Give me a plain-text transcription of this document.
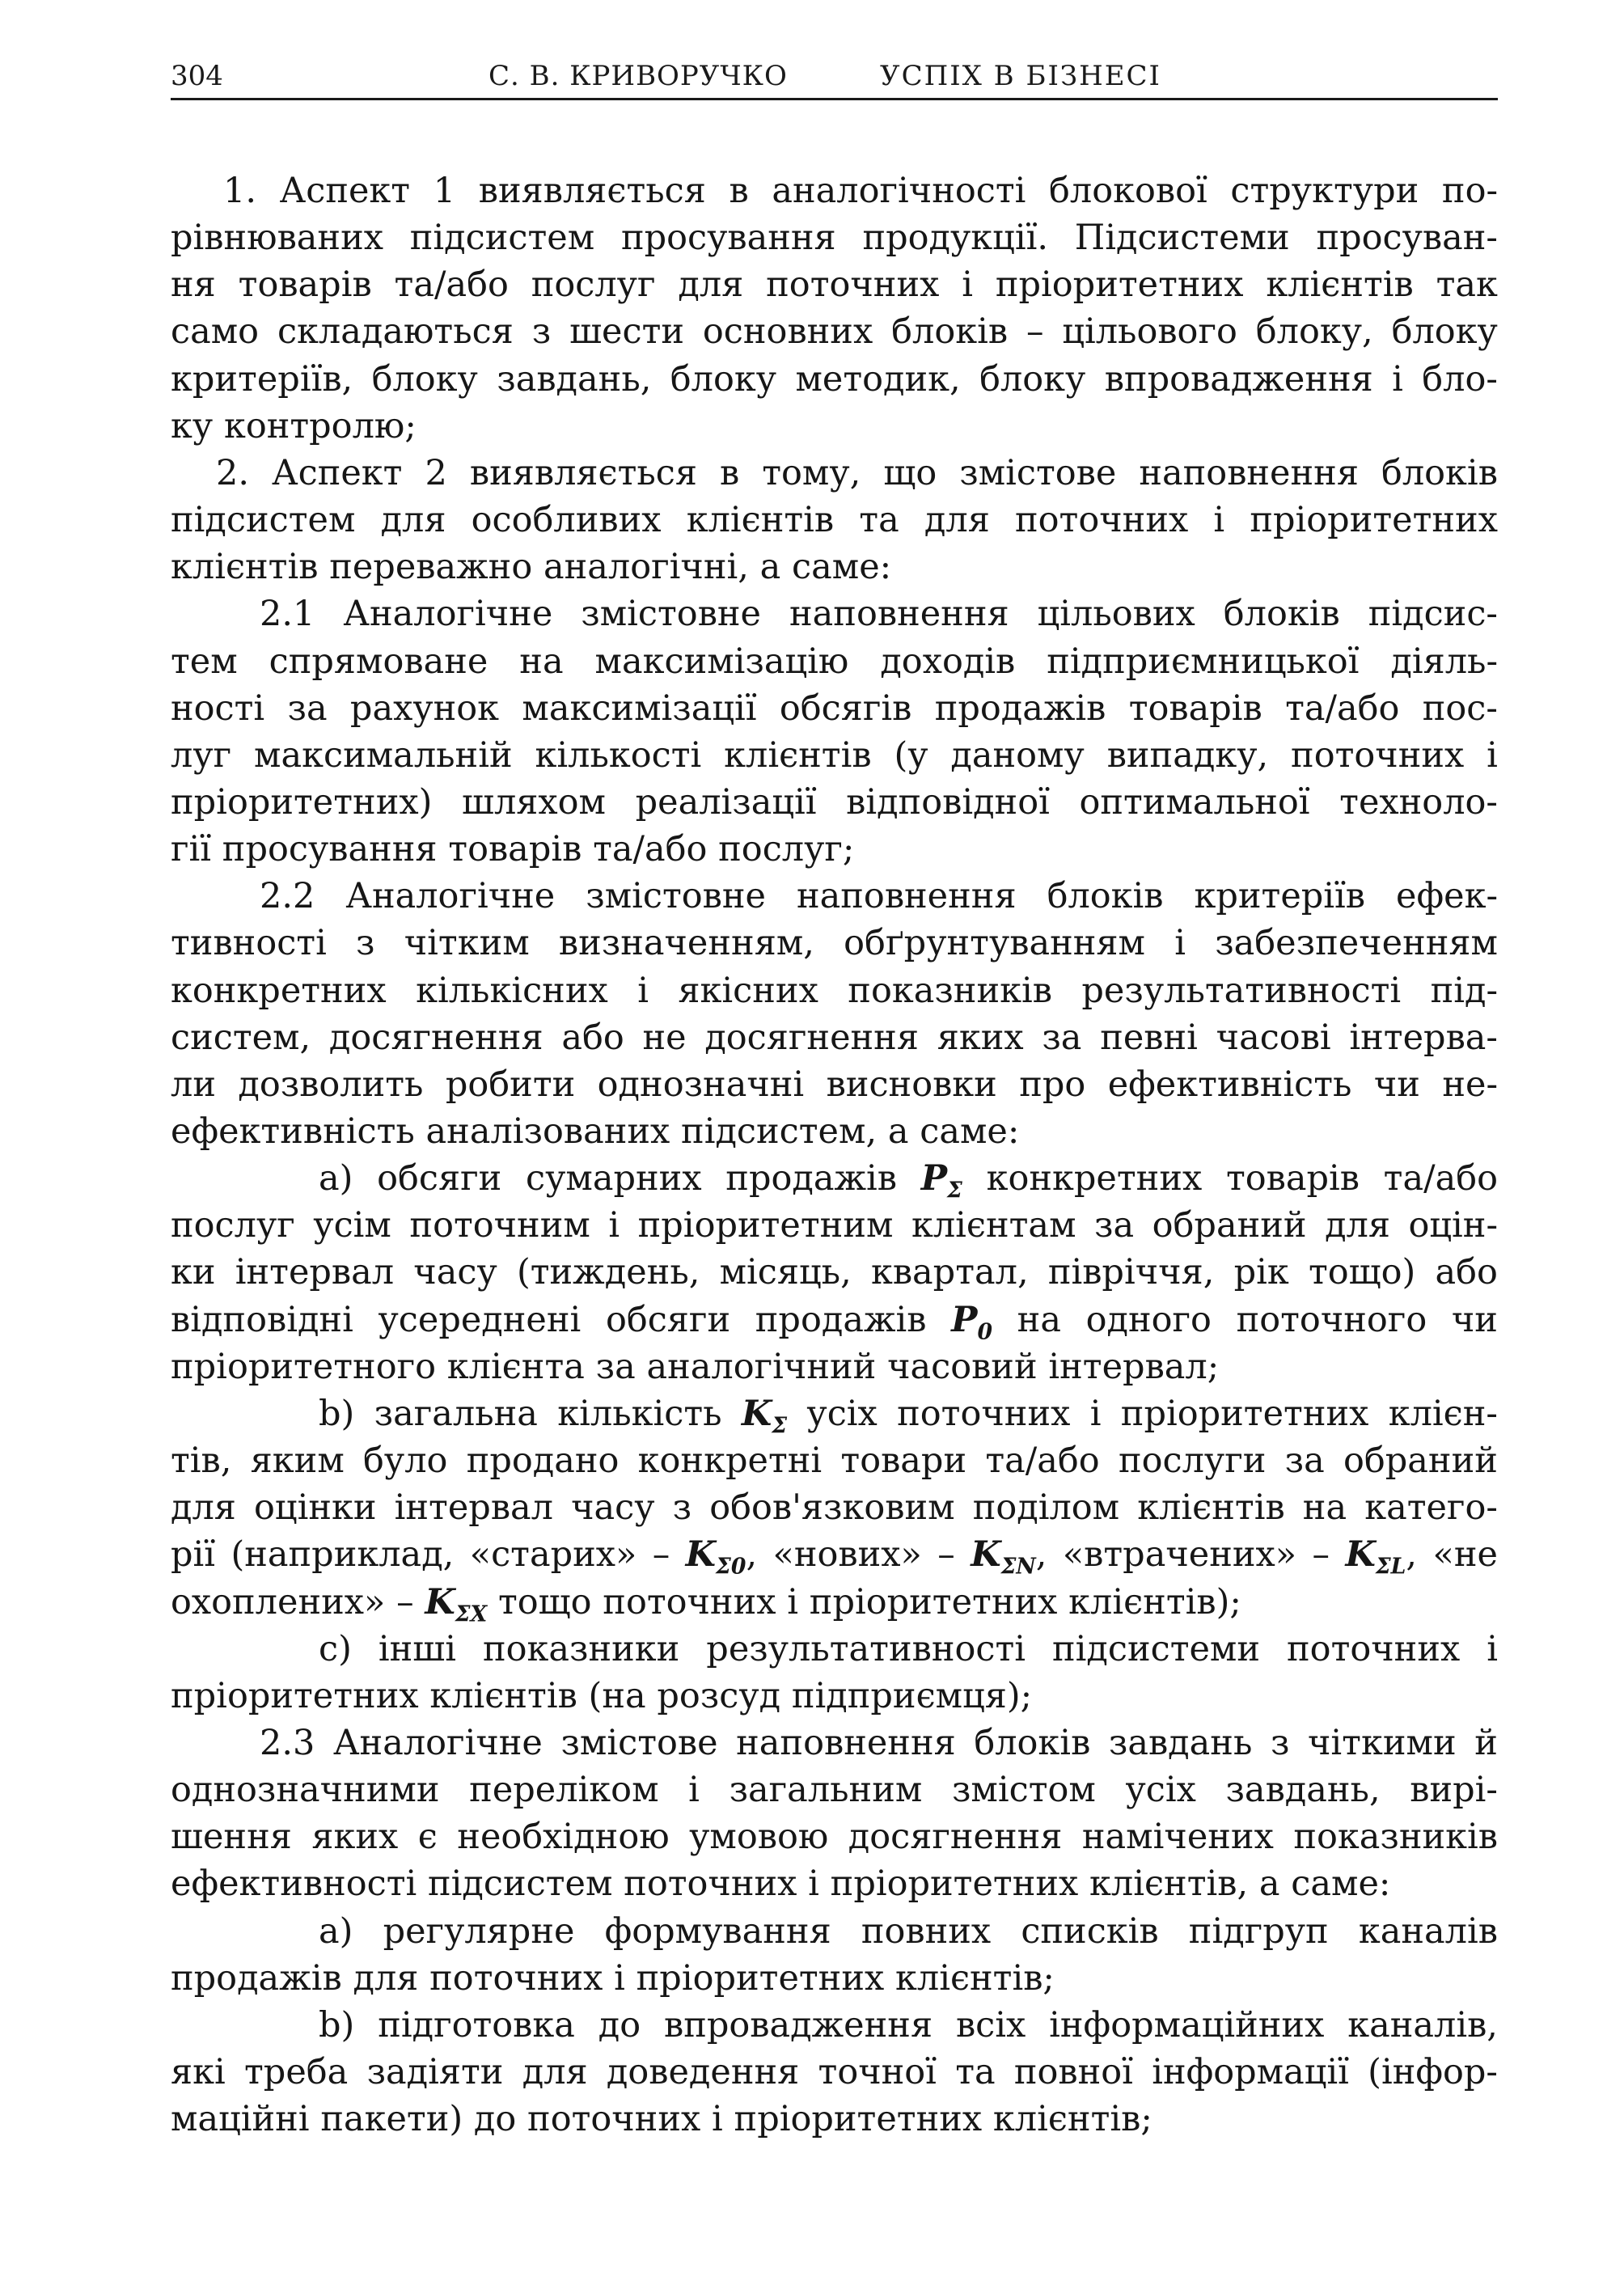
304	С. В. КРИВОРУЧКО	УСПІХ В БІЗНЕСІ
1. Аспект 1 виявляється в аналогічності блокової структури по-
рівнюваних підсистем просування продукції. Підсистеми просуван-
ня товарів та/або послуг для поточних і пріоритетних клієнтів так
само складаються з шести основних блоків – цільового блоку, блоку
критеріїв, блоку завдань, блоку методик, блоку впровадження і бло-
ку контролю;
2. Аспект 2 виявляється в тому, що змістове наповнення блоків
підсистем для особливих клієнтів та для поточних і пріоритетних
клієнтів переважно аналогічні, а саме:
2.1 Аналогічне змістовне наповнення цільових блоків підсис-
тем спрямоване на максимізацію доходів підприємницької діяль-
ності за рахунок максимізації обсягів продажів товарів та/або пос-
луг максимальній кількості клієнтів (у даному випадку, поточних і
пріоритетних) шляхом реалізації відповідної оптимальної техноло-
гії просування товарів та/або послуг;
2.2 Аналогічне змістовне наповнення блоків критеріїв ефек-
тивності з чітким визначенням, обґрунтуванням і забезпеченням
конкретних кількісних і якісних показників результативності під-
систем, досягнення або не досягнення яких за певні часові інтерва-
ли дозволить робити однозначні висновки про ефективність чи не-
ефективність аналізованих підсистем, а саме:
a) обсяги сумарних продажів $P_\Sigma$ конкретних товарів та/або
послуг усім поточним і пріоритетним клієнтам за обраний для оцін-
ки інтервал часу (тиждень, місяць, квартал, півріччя, рік тощо) або
відповідні усереднені обсяги продажів $P_0$ на одного поточного чи
пріоритетного клієнта за аналогічний часовий інтервал;
b) загальна кількість $K_\Sigma$ усіх поточних і пріоритетних клієн-
тів, яким було продано конкретні товари та/або послуги за обраний
для оцінки інтервал часу з обов'язковим поділом клієнтів на катего-
рії (наприклад, «старих» – $K_{\Sigma 0}$, «нових» – $K_{\Sigma N}$, «втрачених» – $K_{\Sigma L}$, «не
охоплених» – $K_{\Sigma X}$ тощо поточних і пріоритетних клієнтів);
c) інші показники результативності підсистеми поточних і
пріоритетних клієнтів (на розсуд підприємця);
2.3 Аналогічне змістове наповнення блоків завдань з чіткими й
однозначними переліком і загальним змістом усіх завдань, вирі-
шення яких є необхідною умовою досягнення намічених показників
ефективності підсистем поточних і пріоритетних клієнтів, а саме:
a) регулярне формування повних списків підгруп каналів
продажів для поточних і пріоритетних клієнтів;
b) підготовка до впровадження всіх інформаційних каналів,
які треба задіяти для доведення точної та повної інформації (інфор-
маційні пакети) до поточних і пріоритетних клієнтів;
